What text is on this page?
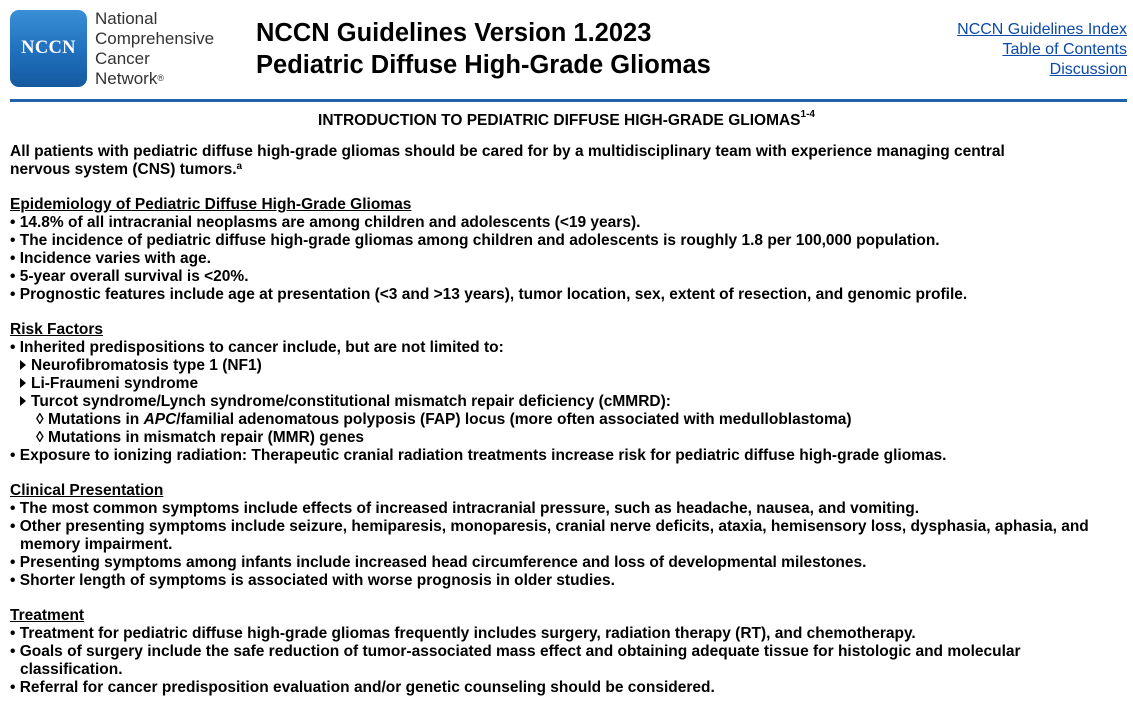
NCCN
National
Comprehensive
Cancer
Network®
NCCN Guidelines Version 1.2023
Pediatric Diffuse High-Grade Gliomas
NCCN Guidelines Index
Table of Contents
Discussion
INTRODUCTION TO PEDIATRIC DIFFUSE HIGH-GRADE GLIOMAS$^{1-4}$

All patients with pediatric diffuse high-grade gliomas should be cared for by a multidisciplinary team with experience managing central nervous system (CNS) tumors.$^a$

Epidemiology of Pediatric Diffuse High-Grade Gliomas

• 14.8% of all intracranial neoplasms are among children and adolescents (<19 years).

• The incidence of pediatric diffuse high-grade gliomas among children and adolescents is roughly 1.8 per 100,000 population.

• Incidence varies with age.

• 5-year overall survival is <20%.

• Prognostic features include age at presentation (<3 and >13 years), tumor location, sex, extent of resection, and genomic profile.

Risk Factors

• Inherited predispositions to cancer include, but are not limited to:

Neurofibromatosis type 1 (NF1)

Li-Fraumeni syndrome

Turcot syndrome/Lynch syndrome/constitutional mismatch repair deficiency (cMMRD):

◊ Mutations in APC/familial adenomatous polyposis (FAP) locus (more often associated with medulloblastoma)

◊ Mutations in mismatch repair (MMR) genes

• Exposure to ionizing radiation: Therapeutic cranial radiation treatments increase risk for pediatric diffuse high-grade gliomas.

Clinical Presentation

• The most common symptoms include effects of increased intracranial pressure, such as headache, nausea, and vomiting.

• Other presenting symptoms include seizure, hemiparesis, monoparesis, cranial nerve deficits, ataxia, hemisensory loss, dysphasia, aphasia, and memory impairment.

• Presenting symptoms among infants include increased head circumference and loss of developmental milestones.

• Shorter length of symptoms is associated with worse prognosis in older studies.

Treatment

• Treatment for pediatric diffuse high-grade gliomas frequently includes surgery, radiation therapy (RT), and chemotherapy.

• Goals of surgery include the safe reduction of tumor-associated mass effect and obtaining adequate tissue for histologic and molecular classification.

• Referral for cancer predisposition evaluation and/or genetic counseling should be considered.
